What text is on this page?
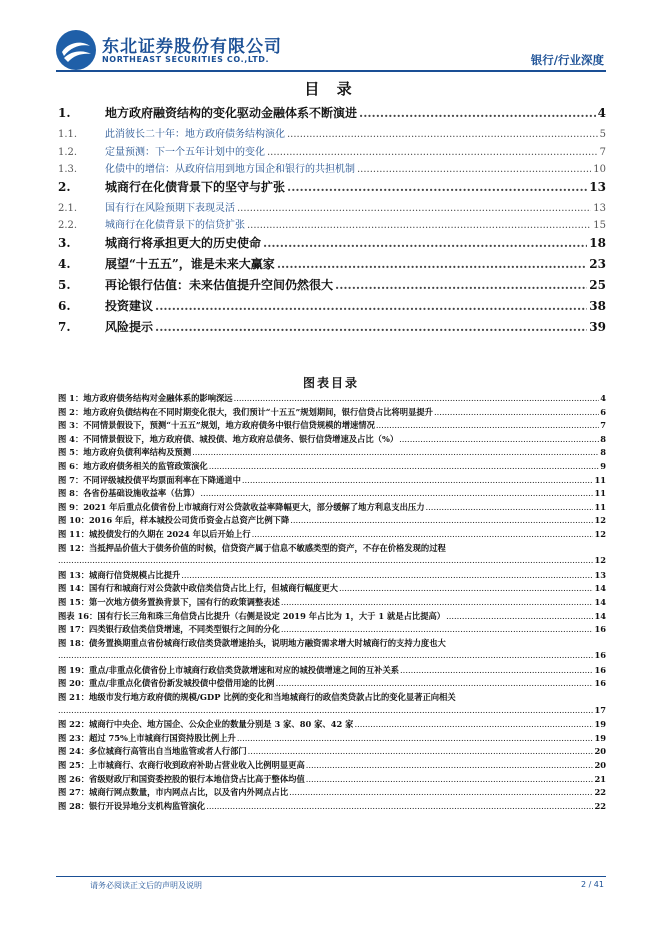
东北证券股份有限公司
NORTHEAST SECURITIES CO.,LTD.	银行/行业深度
目 录
1.	地方政府融资结构的变化驱动金融体系不断演进 .....	4
1.1.	此消彼长二十年：地方政府债务结构演化 .....	5
1.2.	定量预测：下一个五年计划中的变化 .....	7
1.3.	化债中的增信：从政府信用到地方国企和银行的共担机制 .....	10
2.	城商行在化债背景下的坚守与扩张 .....	13
2.1.	国有行在风险预期下表现灵活 .....	13
2.2.	城商行在化债背景下的信贷扩张 .....	15
3.	城商行将承担更大的历史使命 .....	18
4.	展望“十五五”，谁是未来大赢家 .....	23
5.	再论银行估值：未来估值提升空间仍然很大 .....	25
6.	投资建议 .....	38
7.	风险提示 .....	39
图表目录
图 1：地方政府债务结构对金融体系的影响深远 .....	4
图 2：地方政府负债结构在不同时期变化很大，我们预计“十五五”规划期间，银行信贷占比将明显提升 .....	6
图 3：不同情景假设下，预测“十五五”规划，地方政府债务中银行信贷规模的增速情况 .....	7
图 4：不同情景假设下，地方政府债、城投债、地方政府总债务、银行信贷增速及占比（%） .....	8
图 5：地方政府负债利率结构及预测 .....	8
图 6：地方政府债务相关的监管政策演化 .....	9
图 7：不同评级城投债平均票面利率在下降通道中 .....	11
图 8：各省份基础设施收益率（估算） .....	11
图 9：2021 年后重点化债省份上市城商行对公贷款收益率降幅更大，部分缓解了地方利息支出压力 .....	11
图 10：2016 年后，样本城投公司货币资金占总资产比例下降 .....	12
图 11：城投债发行的久期在 2024 年以后开始上行 .....	12
图 12：当抵押品价值大于债务价值的时候，信贷资产属于信息不敏感类型的资产，不存在价格发现的过程
.....
12
图 13：城商行信贷规模占比提升 .....	13
图 14：国有行和城商行对公贷款中政信类信贷占比上行，但城商行幅度更大 .....	14
图 15：第一次地方债务置换背景下，国有行的政策调整表述 .....	14
图表 16：国有行长三角和珠三角信贷占比提升（右侧是设定 2019 年占比为 1，大于 1 就是占比提高） .....	14
图 17：四类银行政信类信贷增速，不同类型银行之间的分化 .....	16
图 18：债务置换期重点省份城商行政信类贷款增速抬头，说明地方融资需求增大时城商行的支持力度也大
.....
16
图 19：重点/非重点化债省份上市城商行政信类贷款增速和对应的城投债增速之间的互补关系 .....	16
图 20：重点/非重点化债省份新发城投债中偿借用途的比例 .....	16
图 21：地级市发行地方政府债的规模/GDP 比例的变化和当地城商行的政信类贷款占比的变化显著正向相关
.....
17
图 22：城商行中央企、地方国企、公众企业的数量分别是 3 家、80 家、42 家 .....	19
图 23：超过 75%上市城商行国资持股比例上升 .....	19
图 24：多位城商行高管出自当地监管或者人行部门 .....	20
图 25：上市城商行、农商行收到政府补助占营业收入比例明显更高 .....	20
图 26：省级财政厅和国资委控股的银行本地信贷占比高于整体均值 .....	21
图 27：城商行网点数量，市内网点占比，以及省内外网点占比 .....	22
图 28：银行开设异地分支机构监管演化 .....	22
请务必阅读正文后的声明及说明	2 / 41
